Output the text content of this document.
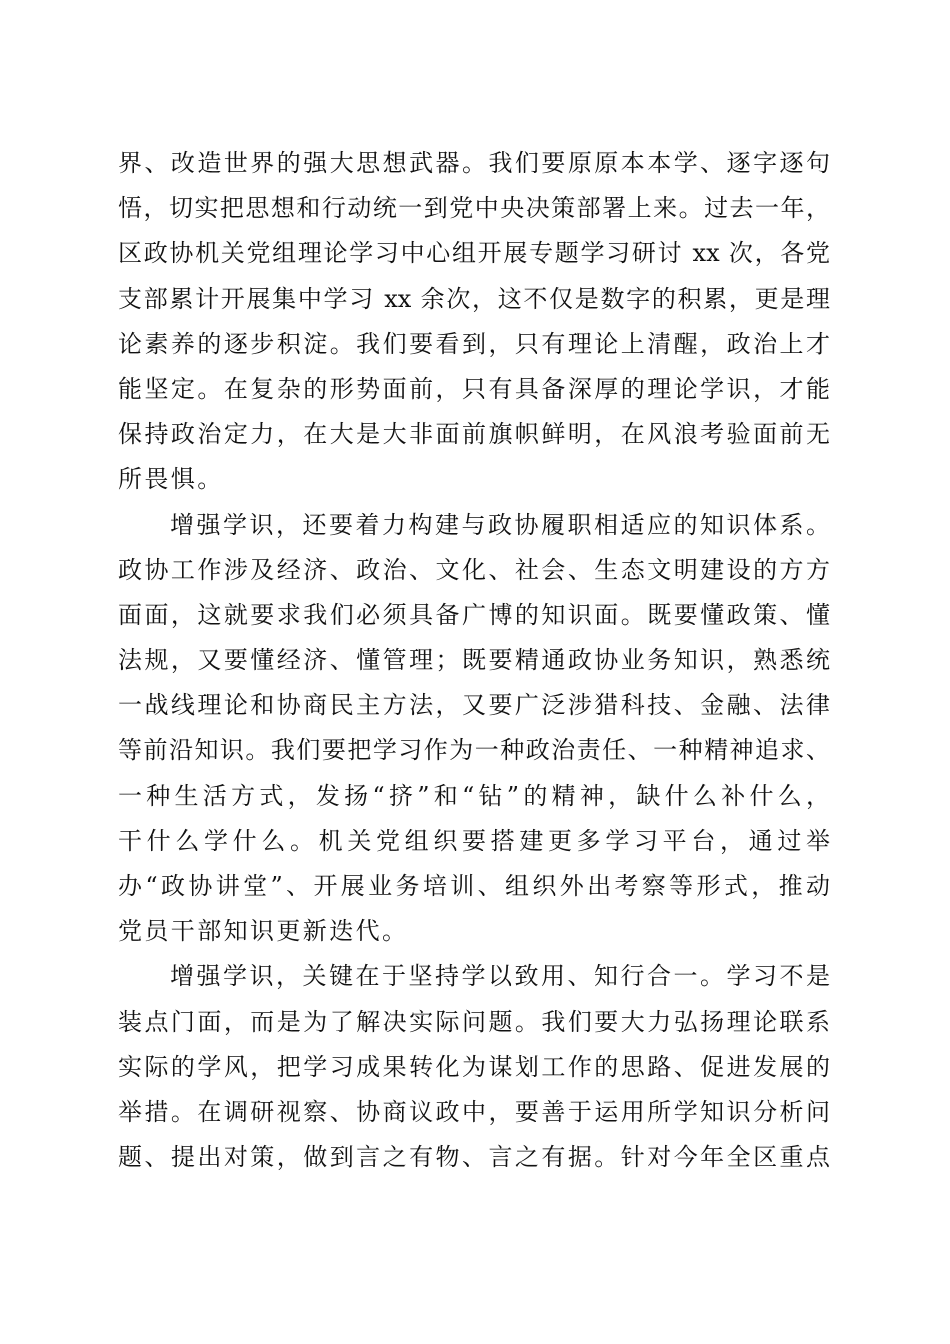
界、改造世界的强大思想武器。我们要原原本本学、逐字逐句
悟，切实把思想和行动统一到党中央决策部署上来。过去一年，
区政协机关党组理论学习中心组开展专题学习研讨 xx 次，各党
支部累计开展集中学习 xx 余次，这不仅是数字的积累，更是理
论素养的逐步积淀。我们要看到，只有理论上清醒，政治上才
能坚定。在复杂的形势面前，只有具备深厚的理论学识，才能
保持政治定力，在大是大非面前旗帜鲜明，在风浪考验面前无
所畏惧。
增强学识，还要着力构建与政协履职相适应的知识体系。
政协工作涉及经济、政治、文化、社会、生态文明建设的方方
面面，这就要求我们必须具备广博的知识面。既要懂政策、懂
法规，又要懂经济、懂管理；既要精通政协业务知识，熟悉统
一战线理论和协商民主方法，又要广泛涉猎科技、金融、法律
等前沿知识。我们要把学习作为一种政治责任、一种精神追求、
一种生活方式，发扬“挤”和“钻”的精神，缺什么补什么，
干什么学什么。机关党组织要搭建更多学习平台，通过举
办“政协讲堂”、开展业务培训、组织外出考察等形式，推动
党员干部知识更新迭代。
增强学识，关键在于坚持学以致用、知行合一。学习不是
装点门面，而是为了解决实际问题。我们要大力弘扬理论联系
实际的学风，把学习成果转化为谋划工作的思路、促进发展的
举措。在调研视察、协商议政中，要善于运用所学知识分析问
题、提出对策，做到言之有物、言之有据。针对今年全区重点
